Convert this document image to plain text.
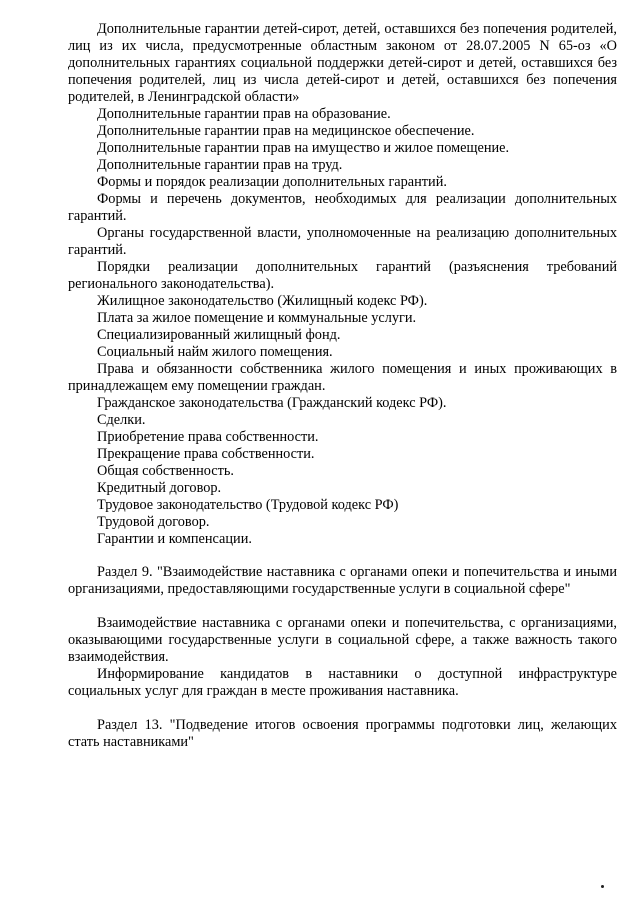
Дополнительные гарантии детей-сирот, детей, оставшихся без попечения родителей, лиц из их числа, предусмотренные областным законом от 28.07.2005 N 65-оз «О дополнительных гарантиях социальной поддержки детей-сирот и детей, оставшихся без попечения родителей, лиц из числа детей-сирот и детей, оставшихся без попечения родителей, в Ленинградской области»

Дополнительные гарантии прав на образование.

Дополнительные гарантии прав на медицинское обеспечение.

Дополнительные гарантии прав на имущество и жилое помещение.

Дополнительные гарантии прав на труд.

Формы и порядок реализации дополнительных гарантий.

Формы и перечень документов, необходимых для реализации дополнительных гарантий.

Органы государственной власти, уполномоченные на реализацию дополнительных гарантий.

Порядки реализации дополнительных гарантий (разъяснения требований регионального законодательства).

Жилищное законодательство (Жилищный кодекс РФ).

Плата за жилое помещение и коммунальные услуги.

Специализированный жилищный фонд.

Социальный найм жилого помещения.

Права и обязанности собственника жилого помещения и иных проживающих в принадлежащем ему помещении граждан.

Гражданское законодательства (Гражданский кодекс РФ).

Сделки.

Приобретение права собственности.

Прекращение права собственности.

Общая собственность.

Кредитный договор.

Трудовое законодательство (Трудовой кодекс РФ)

Трудовой договор.

Гарантии и компенсации.

Раздел 9. "Взаимодействие наставника с органами опеки и попечительства и иными организациями, предоставляющими государственные услуги в социальной сфере"

Взаимодействие наставника с органами опеки и попечительства, с организациями, оказывающими государственные услуги в социальной сфере, а также важность такого взаимодействия.

Информирование кандидатов в наставники о доступной инфраструктуре социальных услуг для граждан в месте проживания наставника.

Раздел 13. "Подведение итогов освоения программы подготовки лиц, желающих стать наставниками"
